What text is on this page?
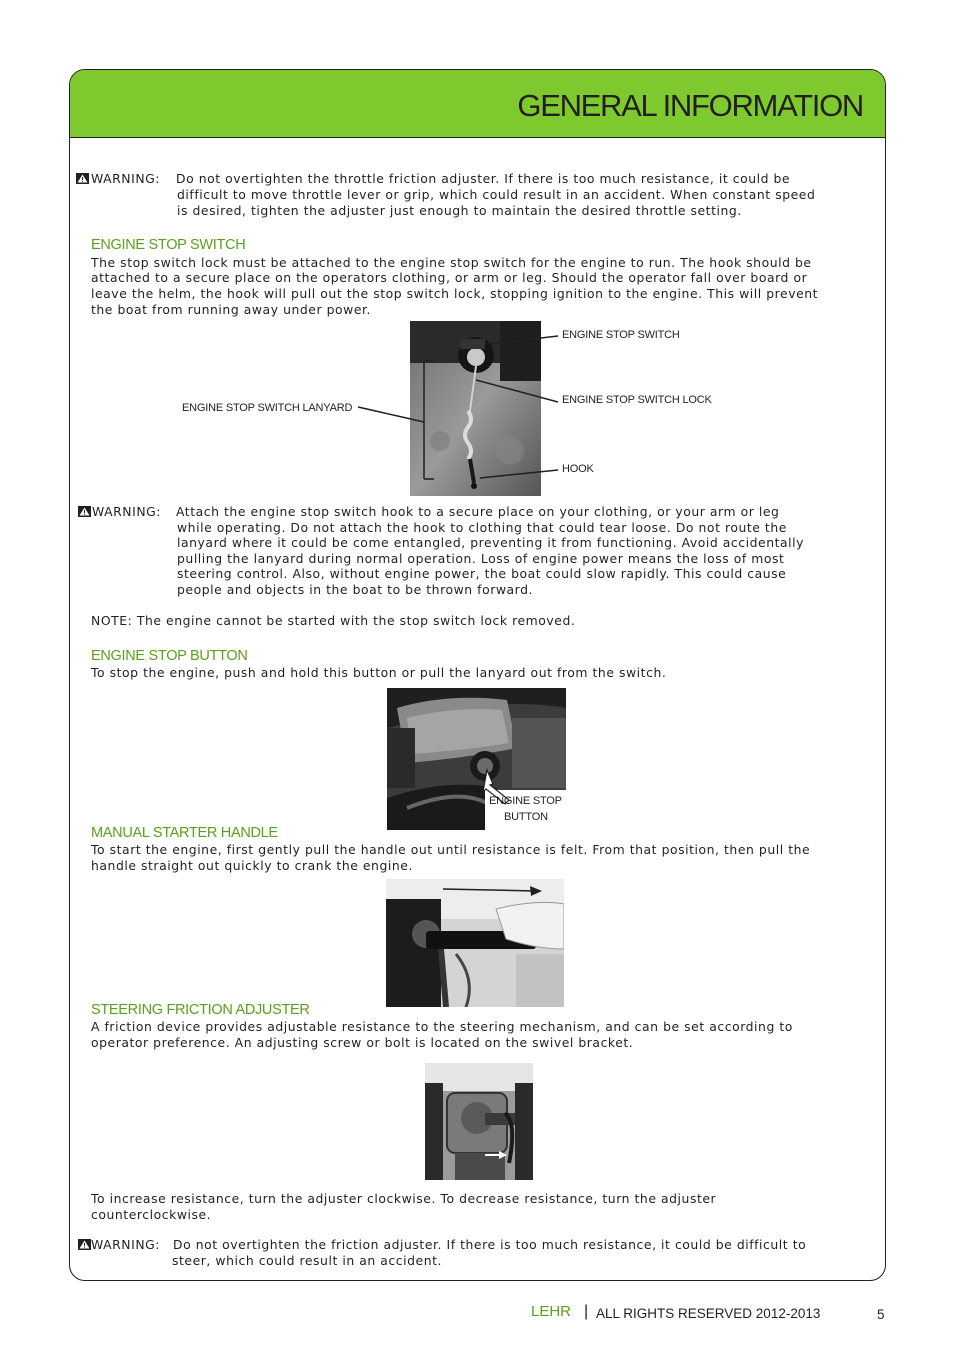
GENERAL INFORMATION
WARNING: Do not overtighten the throttle friction adjuster. If there is too much resistance, it could be
difficult to move throttle lever or grip, which could result in an accident. When constant speed
is desired, tighten the adjuster just enough to maintain the desired throttle setting.
ENGINE STOP SWITCH
The stop switch lock must be attached to the engine stop switch for the engine to run. The hook should be
attached to a secure place on the operators clothing, or arm or leg. Should the operator fall over board or
leave the helm, the hook will pull out the stop switch lock, stopping ignition to the engine. This will prevent
the boat from running away under power.
ENGINE STOP SWITCH
ENGINE STOP SWITCH LOCK
HOOK
ENGINE STOP SWITCH LANYARD
WARNING: Attach the engine stop switch hook to a secure place on your clothing, or your arm or leg
while operating. Do not attach the hook to clothing that could tear loose. Do not route the
lanyard where it could be come entangled, preventing it from functioning. Avoid accidentally
pulling the lanyard during normal operation. Loss of engine power means the loss of most
steering control. Also, without engine power, the boat could slow rapidly. This could cause
people and objects in the boat to be thrown forward.
NOTE: The engine cannot be started with the stop switch lock removed.
ENGINE STOP BUTTON
To stop the engine, push and hold this button or pull the lanyard out from the switch.
ENGINE STOP
BUTTON
MANUAL STARTER HANDLE
To start the engine, first gently pull the handle out until resistance is felt. From that position, then pull the
handle straight out quickly to crank the engine.
STEERING FRICTION ADJUSTER
A friction device provides adjustable resistance to the steering mechanism, and can be set according to
operator preference. An adjusting screw or bolt is located on the swivel bracket.
To increase resistance, turn the adjuster clockwise. To decrease resistance, turn the adjuster
counterclockwise.
WARNING: Do not overtighten the friction adjuster. If there is too much resistance, it could be difficult to
steer, which could result in an accident.
LEHR | ALL RIGHTS RESERVED 2012-2013	5
